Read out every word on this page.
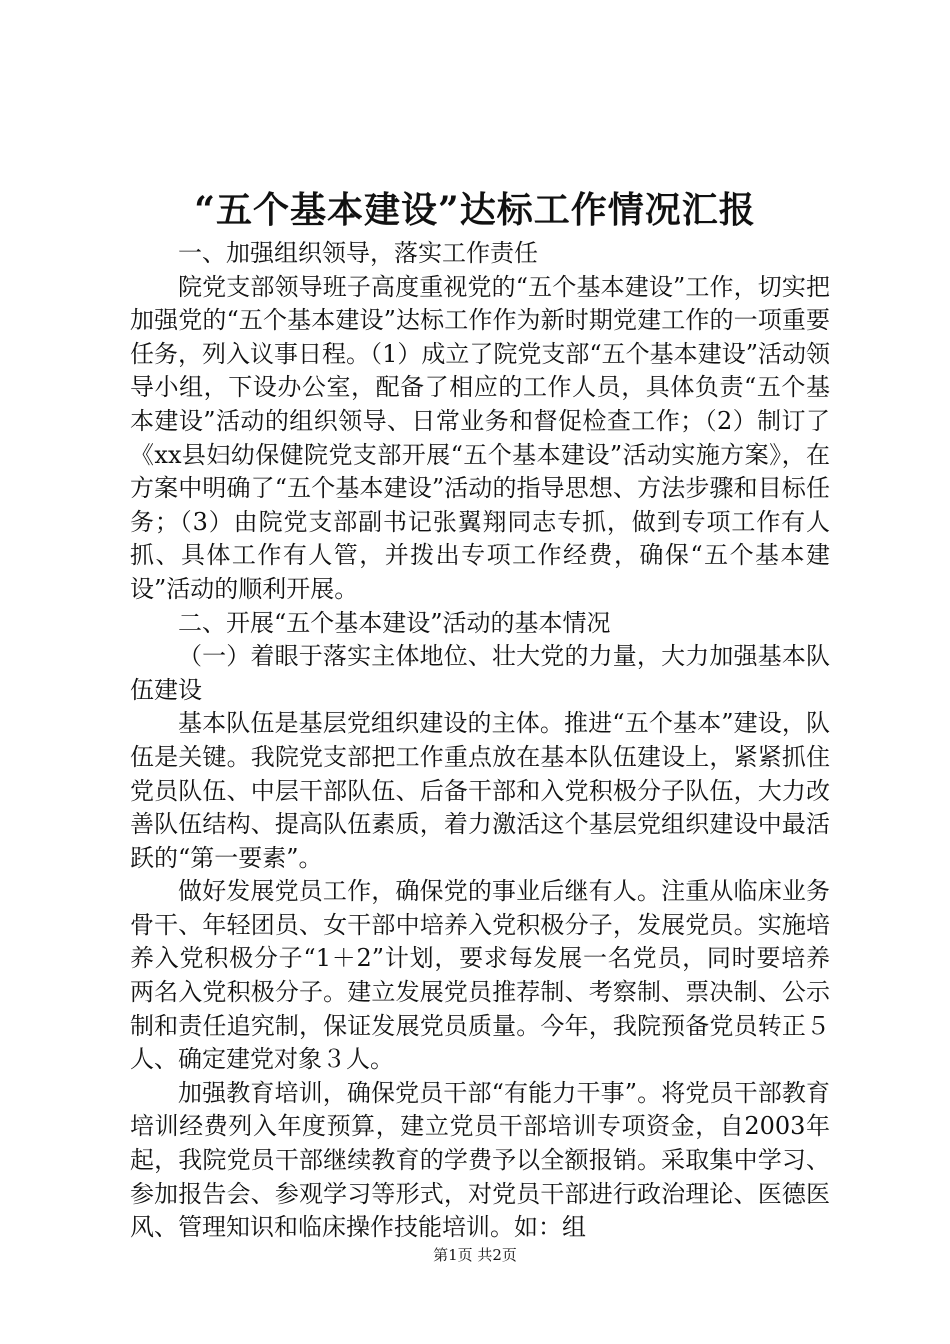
“五个基本建设”达标工作情况汇报

一、加强组织领导，落实工作责任

院党支部领导班子高度重视党的“五个基本建设”工作，切实把加强党的“五个基本建设”达标工作作为新时期党建工作的一项重要任务，列入议事日程。（1）成立了院党支部“五个基本建设”活动领导小组，下设办公室，配备了相应的工作人员，具体负责“五个基本建设”活动的组织领导、日常业务和督促检查工作；（2）制订了《xx县妇幼保健院党支部开展“五个基本建设”活动实施方案》，在方案中明确了“五个基本建设”活动的指导思想、方法步骤和目标任务；（3）由院党支部副书记张翼翔同志专抓，做到专项工作有人抓、具体工作有人管，并拨出专项工作经费，确保“五个基本建设”活动的顺利开展。

二、开展“五个基本建设”活动的基本情况

（一）着眼于落实主体地位、壮大党的力量，大力加强基本队伍建设

基本队伍是基层党组织建设的主体。推进“五个基本”建设，队伍是关键。我院党支部把工作重点放在基本队伍建设上，紧紧抓住党员队伍、中层干部队伍、后备干部和入党积极分子队伍，大力改善队伍结构、提高队伍素质，着力激活这个基层党组织建设中最活跃的“第一要素”。

做好发展党员工作，确保党的事业后继有人。注重从临床业务骨干、年轻团员、女干部中培养入党积极分子，发展党员。实施培养入党积极分子“1＋2”计划，要求每发展一名党员，同时要培养两名入党积极分子。建立发展党员推荐制、考察制、票决制、公示制和责任追究制，保证发展党员质量。今年，我院预备党员转正５人、确定建党对象３人。

加强教育培训，确保党员干部“有能力干事”。将党员干部教育培训经费列入年度预算，建立党员干部培训专项资金，自2003年起，我院党员干部继续教育的学费予以全额报销。采取集中学习、参加报告会、参观学习等形式，对党员干部进行政治理论、医德医风、管理知识和临床操作技能培训。如：组

第1页 共2页
